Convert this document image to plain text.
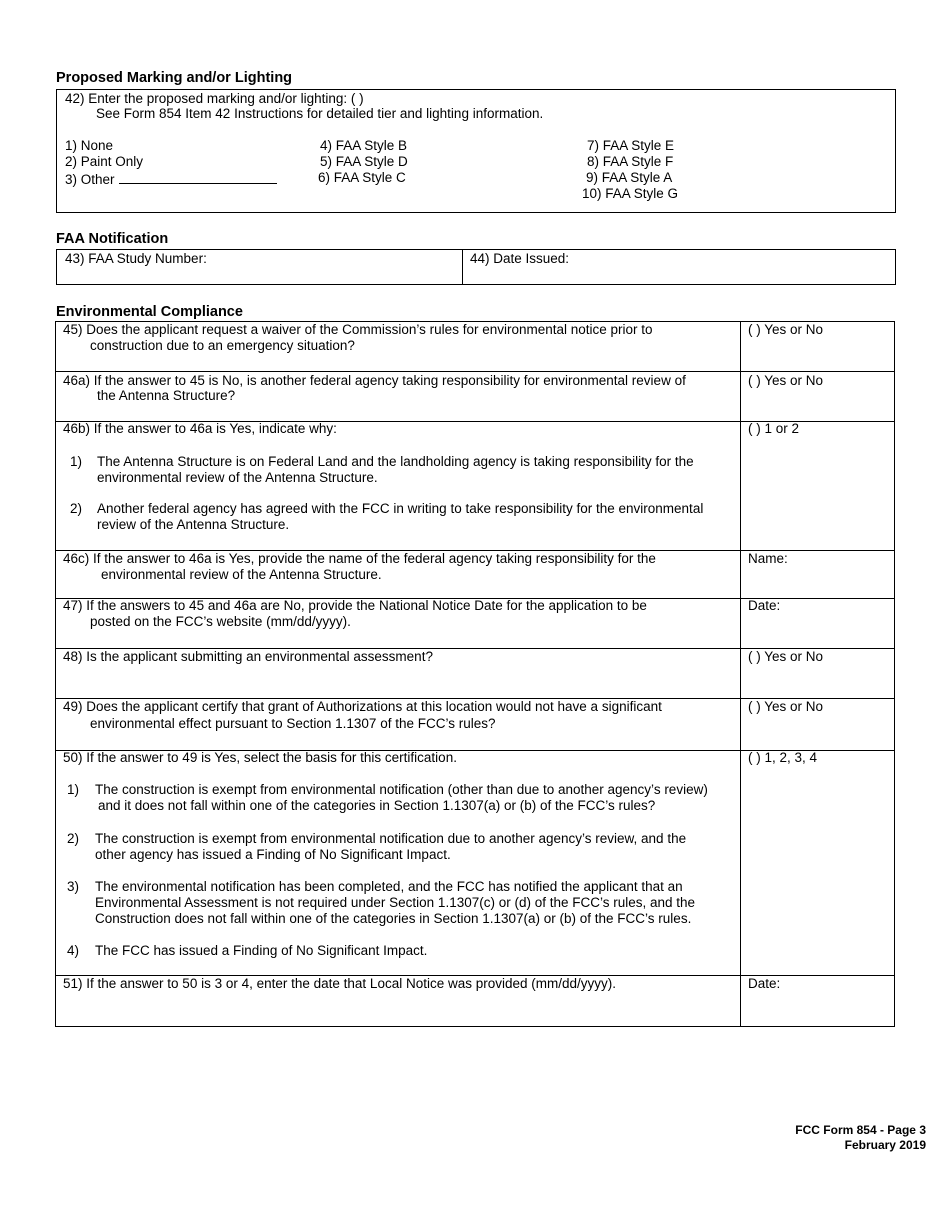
Proposed Marking and/or Lighting
42) Enter the proposed marking and/or lighting: ( )
See Form 854 Item 42 Instructions for detailed tier and lighting information.
1) None
2) Paint Only
3) Other
4) FAA Style B
5) FAA Style D
6) FAA Style C
7) FAA Style E
8) FAA Style F
9) FAA Style A
10) FAA Style G
FAA Notification
43) FAA Study Number:	44) Date Issued:
Environmental Compliance
45) Does the applicant request a waiver of the Commission’s rules for environmental notice prior to
construction due to an emergency situation?
( ) Yes or No
46a) If the answer to 45 is No, is another federal agency taking responsibility for environmental review of
the Antenna Structure?
( ) Yes or No
46b) If the answer to 46a is Yes, indicate why:
1) The Antenna Structure is on Federal Land and the landholding agency is taking responsibility for the
environmental review of the Antenna Structure.
2) Another federal agency has agreed with the FCC in writing to take responsibility for the environmental
review of the Antenna Structure.
( ) 1 or 2
46c) If the answer to 46a is Yes, provide the name of the federal agency taking responsibility for the
environmental review of the Antenna Structure.
Name:
47) If the answers to 45 and 46a are No, provide the National Notice Date for the application to be
posted on the FCC’s website (mm/dd/yyyy).
Date:
48) Is the applicant submitting an environmental assessment?	( ) Yes or No
49) Does the applicant certify that grant of Authorizations at this location would not have a significant
environmental effect pursuant to Section 1.1307 of the FCC’s rules?
( ) Yes or No
50) If the answer to 49 is Yes, select the basis for this certification.
1) The construction is exempt from environmental notification (other than due to another agency’s review)
and it does not fall within one of the categories in Section 1.1307(a) or (b) of the FCC’s rules?
2) The construction is exempt from environmental notification due to another agency’s review, and the
other agency has issued a Finding of No Significant Impact.
3) The environmental notification has been completed, and the FCC has notified the applicant that an
Environmental Assessment is not required under Section 1.1307(c) or (d) of the FCC’s rules, and the
Construction does not fall within one of the categories in Section 1.1307(a) or (b) of the FCC’s rules.
4) The FCC has issued a Finding of No Significant Impact.
( ) 1, 2, 3, 4
51) If the answer to 50 is 3 or 4, enter the date that Local Notice was provided (mm/dd/yyyy).	Date:
FCC Form 854 - Page 3
February 2019
